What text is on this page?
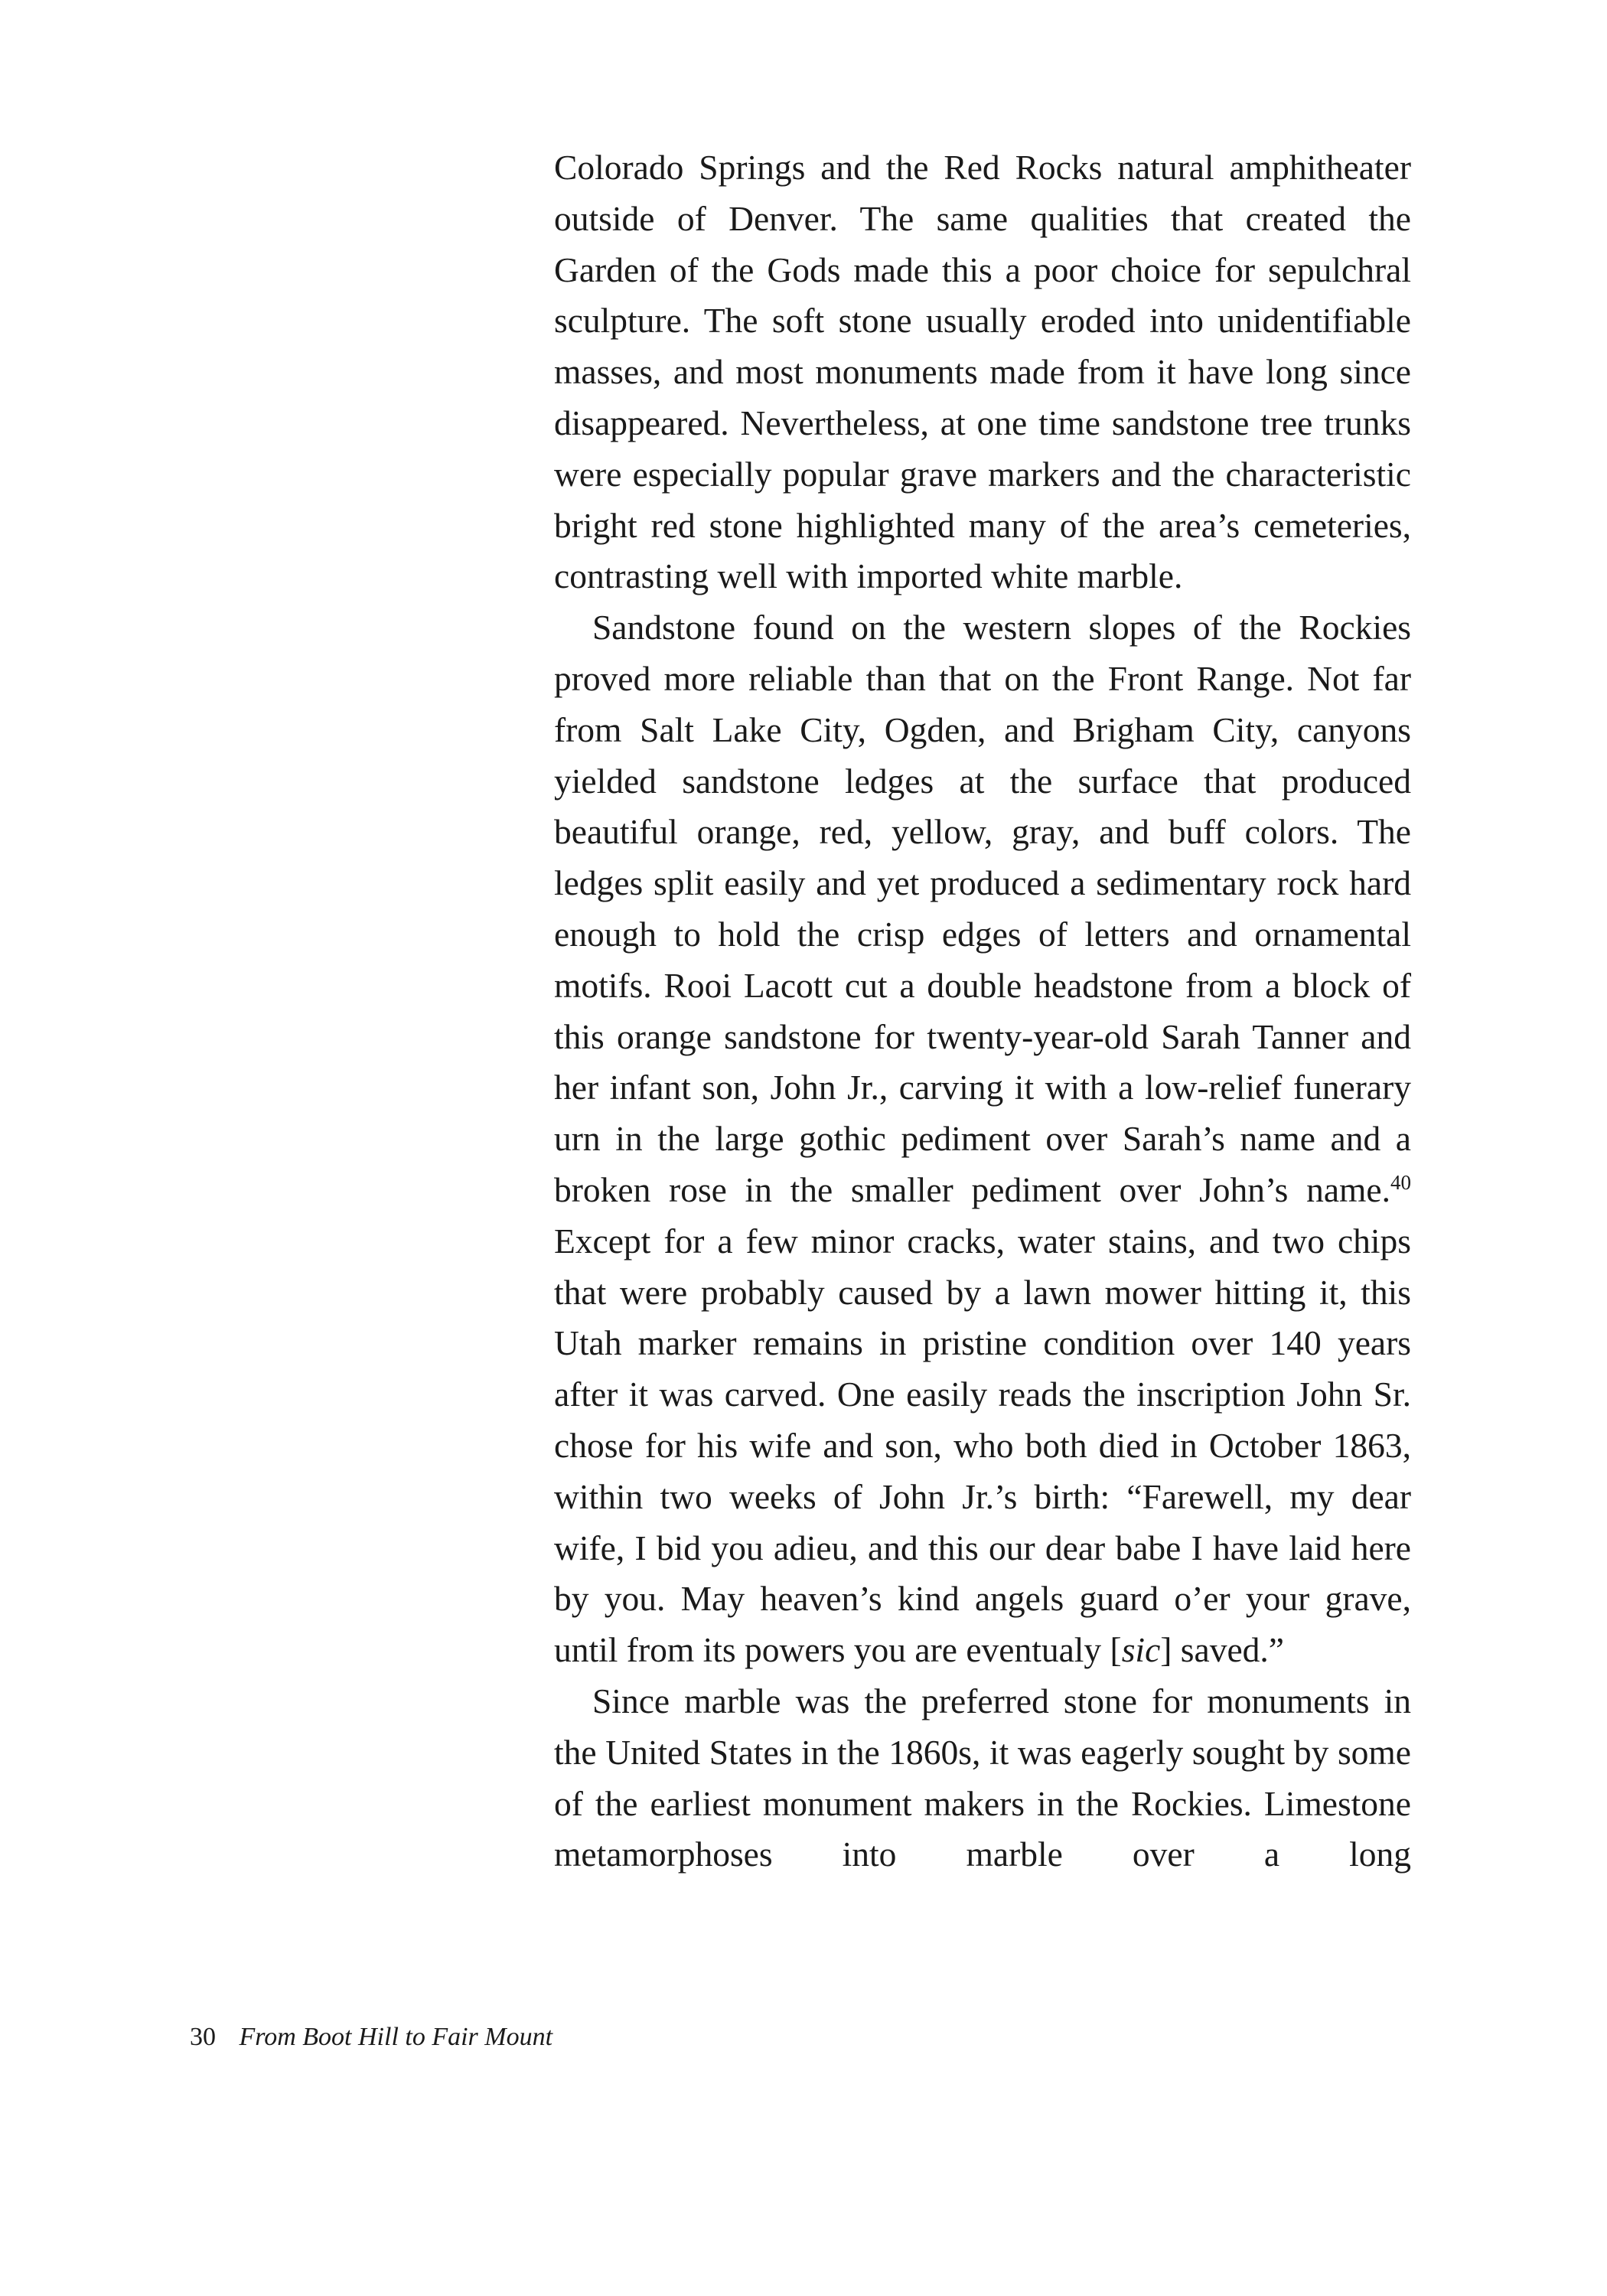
Colorado Springs and the Red Rocks natural amphitheater outside of Denver. The same qualities that created the Garden of the Gods made this a poor choice for sepulchral sculpture. The soft stone usually eroded into unidentifiable masses, and most monuments made from it have long since disappeared. Nevertheless, at one time sandstone tree trunks were especially popular grave markers and the characteristic bright red stone highlighted many of the area’s cemeteries, contrasting well with imported white marble.

Sandstone found on the western slopes of the Rockies proved more reliable than that on the Front Range. Not far from Salt Lake City, Ogden, and Brigham City, canyons yielded sandstone ledges at the surface that produced beautiful orange, red, yellow, gray, and buff colors. The ledges split easily and yet produced a sedimentary rock hard enough to hold the crisp edges of letters and ornamental motifs. Rooi Lacott cut a double headstone from a block of this orange sandstone for twenty-year-old Sarah Tanner and her infant son, John Jr., carving it with a low-relief funerary urn in the large gothic pediment over Sarah’s name and a broken rose in the smaller pediment over John’s name.$^{40}$ Except for a few minor cracks, water stains, and two chips that were probably caused by a lawn mower hitting it, this Utah marker remains in pristine condition over 140 years after it was carved. One easily reads the inscription John Sr. chose for his wife and son, who both died in October 1863, within two weeks of John Jr.’s birth: “Farewell, my dear wife, I bid you adieu, and this our dear babe I have laid here by you. May heaven’s kind angels guard o’er your grave, until from its powers you are eventualy [sic] saved.”

Since marble was the preferred stone for monuments in the United States in the 1860s, it was eagerly sought by some of the earliest monument makers in the Rockies. Limestone metamorphoses into marble over a long

30 From Boot Hill to Fair Mount
